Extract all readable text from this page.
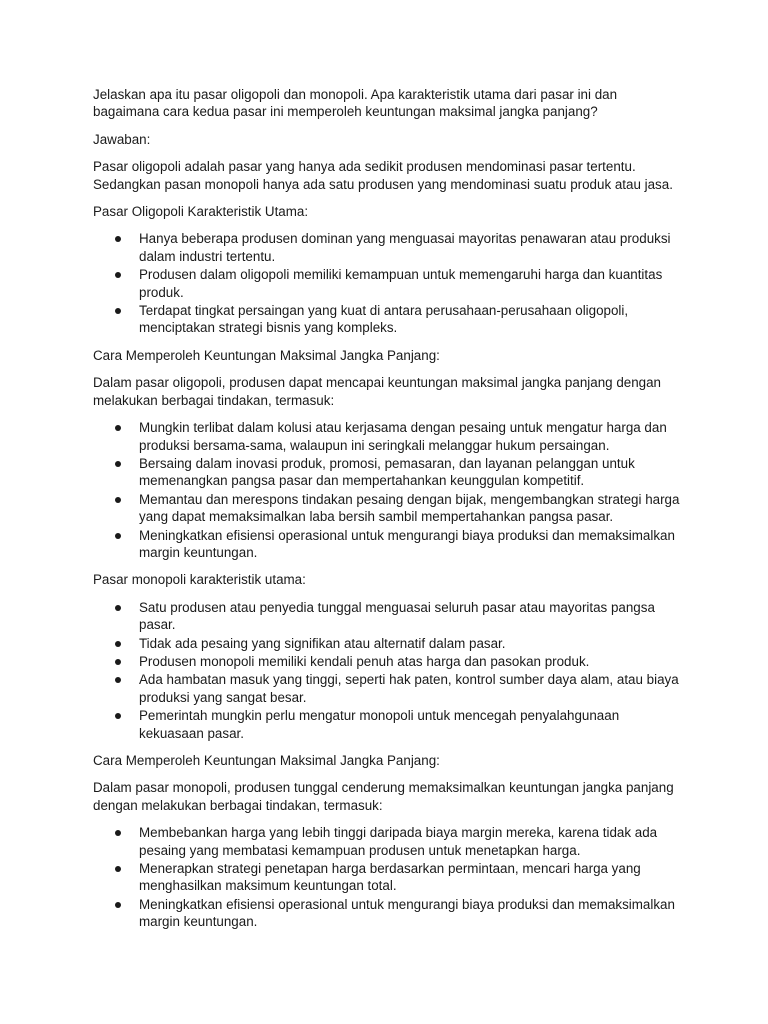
Jelaskan apa itu pasar oligopoli dan monopoli. Apa karakteristik utama dari pasar ini dan bagaimana cara kedua pasar ini memperoleh keuntungan maksimal jangka panjang?

Jawaban:

Pasar oligopoli adalah pasar yang hanya ada sedikit produsen mendominasi pasar tertentu. Sedangkan pasan monopoli hanya ada satu produsen yang mendominasi suatu produk atau jasa.

Pasar Oligopoli Karakteristik Utama:

Hanya beberapa produsen dominan yang menguasai mayoritas penawaran atau produksi dalam industri tertentu.
Produsen dalam oligopoli memiliki kemampuan untuk memengaruhi harga dan kuantitas produk.
Terdapat tingkat persaingan yang kuat di antara perusahaan-perusahaan oligopoli, menciptakan strategi bisnis yang kompleks.

Cara Memperoleh Keuntungan Maksimal Jangka Panjang:

Dalam pasar oligopoli, produsen dapat mencapai keuntungan maksimal jangka panjang dengan melakukan berbagai tindakan, termasuk:

Mungkin terlibat dalam kolusi atau kerjasama dengan pesaing untuk mengatur harga dan produksi bersama-sama, walaupun ini seringkali melanggar hukum persaingan.
Bersaing dalam inovasi produk, promosi, pemasaran, dan layanan pelanggan untuk memenangkan pangsa pasar dan mempertahankan keunggulan kompetitif.
Memantau dan merespons tindakan pesaing dengan bijak, mengembangkan strategi harga yang dapat memaksimalkan laba bersih sambil mempertahankan pangsa pasar.
Meningkatkan efisiensi operasional untuk mengurangi biaya produksi dan memaksimalkan margin keuntungan.

Pasar monopoli karakteristik utama:

Satu produsen atau penyedia tunggal menguasai seluruh pasar atau mayoritas pangsa pasar.
Tidak ada pesaing yang signifikan atau alternatif dalam pasar.
Produsen monopoli memiliki kendali penuh atas harga dan pasokan produk.
Ada hambatan masuk yang tinggi, seperti hak paten, kontrol sumber daya alam, atau biaya produksi yang sangat besar.
Pemerintah mungkin perlu mengatur monopoli untuk mencegah penyalahgunaan kekuasaan pasar.

Cara Memperoleh Keuntungan Maksimal Jangka Panjang:

Dalam pasar monopoli, produsen tunggal cenderung memaksimalkan keuntungan jangka panjang dengan melakukan berbagai tindakan, termasuk:

Membebankan harga yang lebih tinggi daripada biaya margin mereka, karena tidak ada pesaing yang membatasi kemampuan produsen untuk menetapkan harga.
Menerapkan strategi penetapan harga berdasarkan permintaan, mencari harga yang menghasilkan maksimum keuntungan total.
Meningkatkan efisiensi operasional untuk mengurangi biaya produksi dan memaksimalkan margin keuntungan.
